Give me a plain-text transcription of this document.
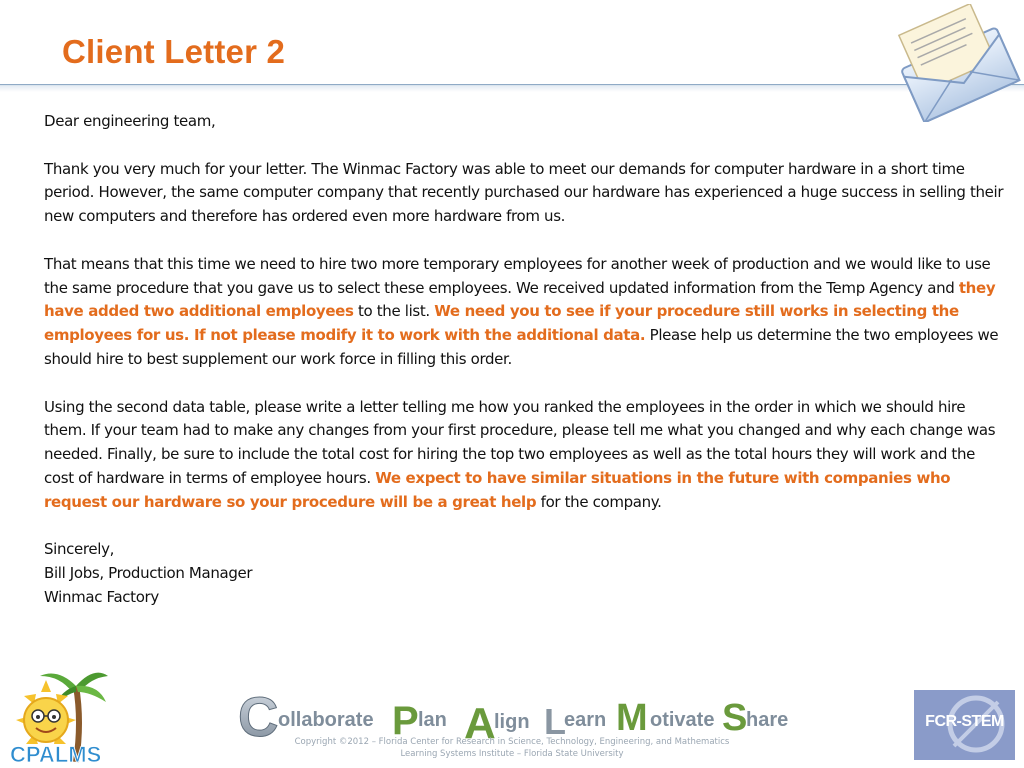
Client Letter 2

Dear engineering team,

Thank you very much for your letter. The Winmac Factory was able to meet our demands for computer hardware in a short time period. However, the same computer company that recently purchased our hardware has experienced a huge success in selling their new computers and therefore has ordered even more hardware from us.

That means that this time we need to hire two more temporary employees for another week of production and we would like to use the same procedure that you gave us to select these employees. We received updated information from the Temp Agency and they have added two additional employees to the list. We need you to see if your procedure still works in selecting the employees for us. If not please modify it to work with the additional data. Please help us determine the two employees we should hire to best supplement our work force in filling this order.

Using the second data table, please write a letter telling me how you ranked the employees in the order in which we should hire them. If your team had to make any changes from your first procedure, please tell me what you changed and why each change was needed. Finally, be sure to include the total cost for hiring the top two employees as well as the total hours they will work and the cost of hardware in terms of employee hours. We expect to have similar situations in the future with companies who request our hardware so your procedure will be a great help for the company.

Sincerely,

Bill Jobs, Production Manager

Winmac Factory

CPALMS
C ollaborate P lan A lign L earn M otivate S hare
Copyright ©2012 – Florida Center for Research in Science, Technology, Engineering, and Mathematics
Learning Systems Institute – Florida State University
FCR-STEM
